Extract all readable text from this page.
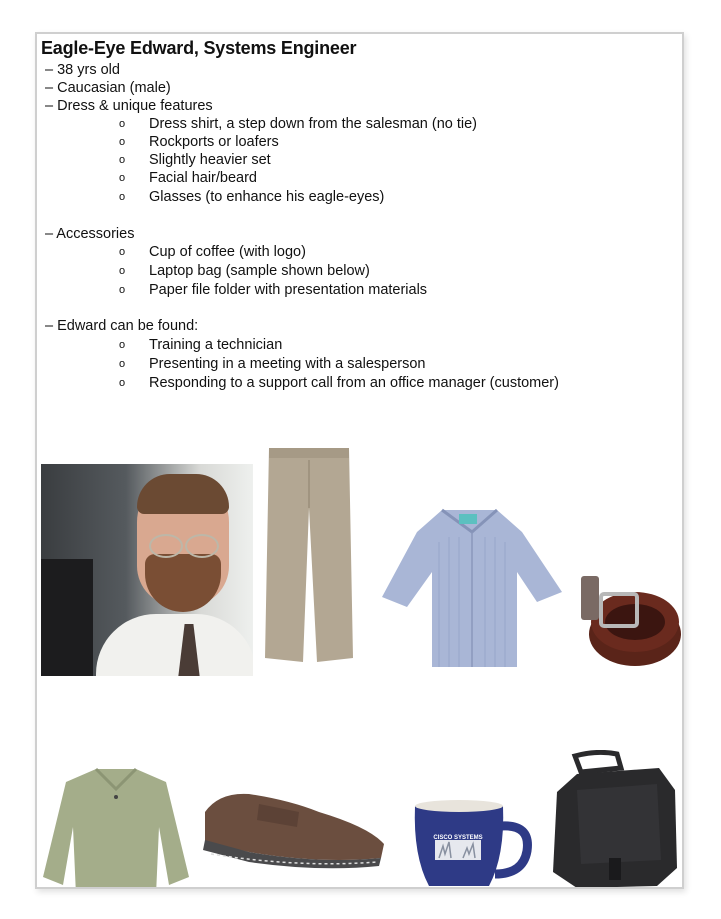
Eagle-Eye Edward, Systems Engineer
– 38 yrs old
– Caucasian (male)
– Dress & unique features
o Dress shirt, a step down from the salesman (no tie)
o Rockports or loafers
o Slightly heavier set
o Facial hair/beard
o Glasses (to enhance his eagle-eyes)
– Accessories
o Cup of coffee (with logo)
o Laptop bag (sample shown below)
o Paper file folder with presentation materials
– Edward can be found:
o Training a technician
o Presenting in a meeting with a salesperson
o Responding to a support call from an office manager (customer)
CISCO SYSTEMS
